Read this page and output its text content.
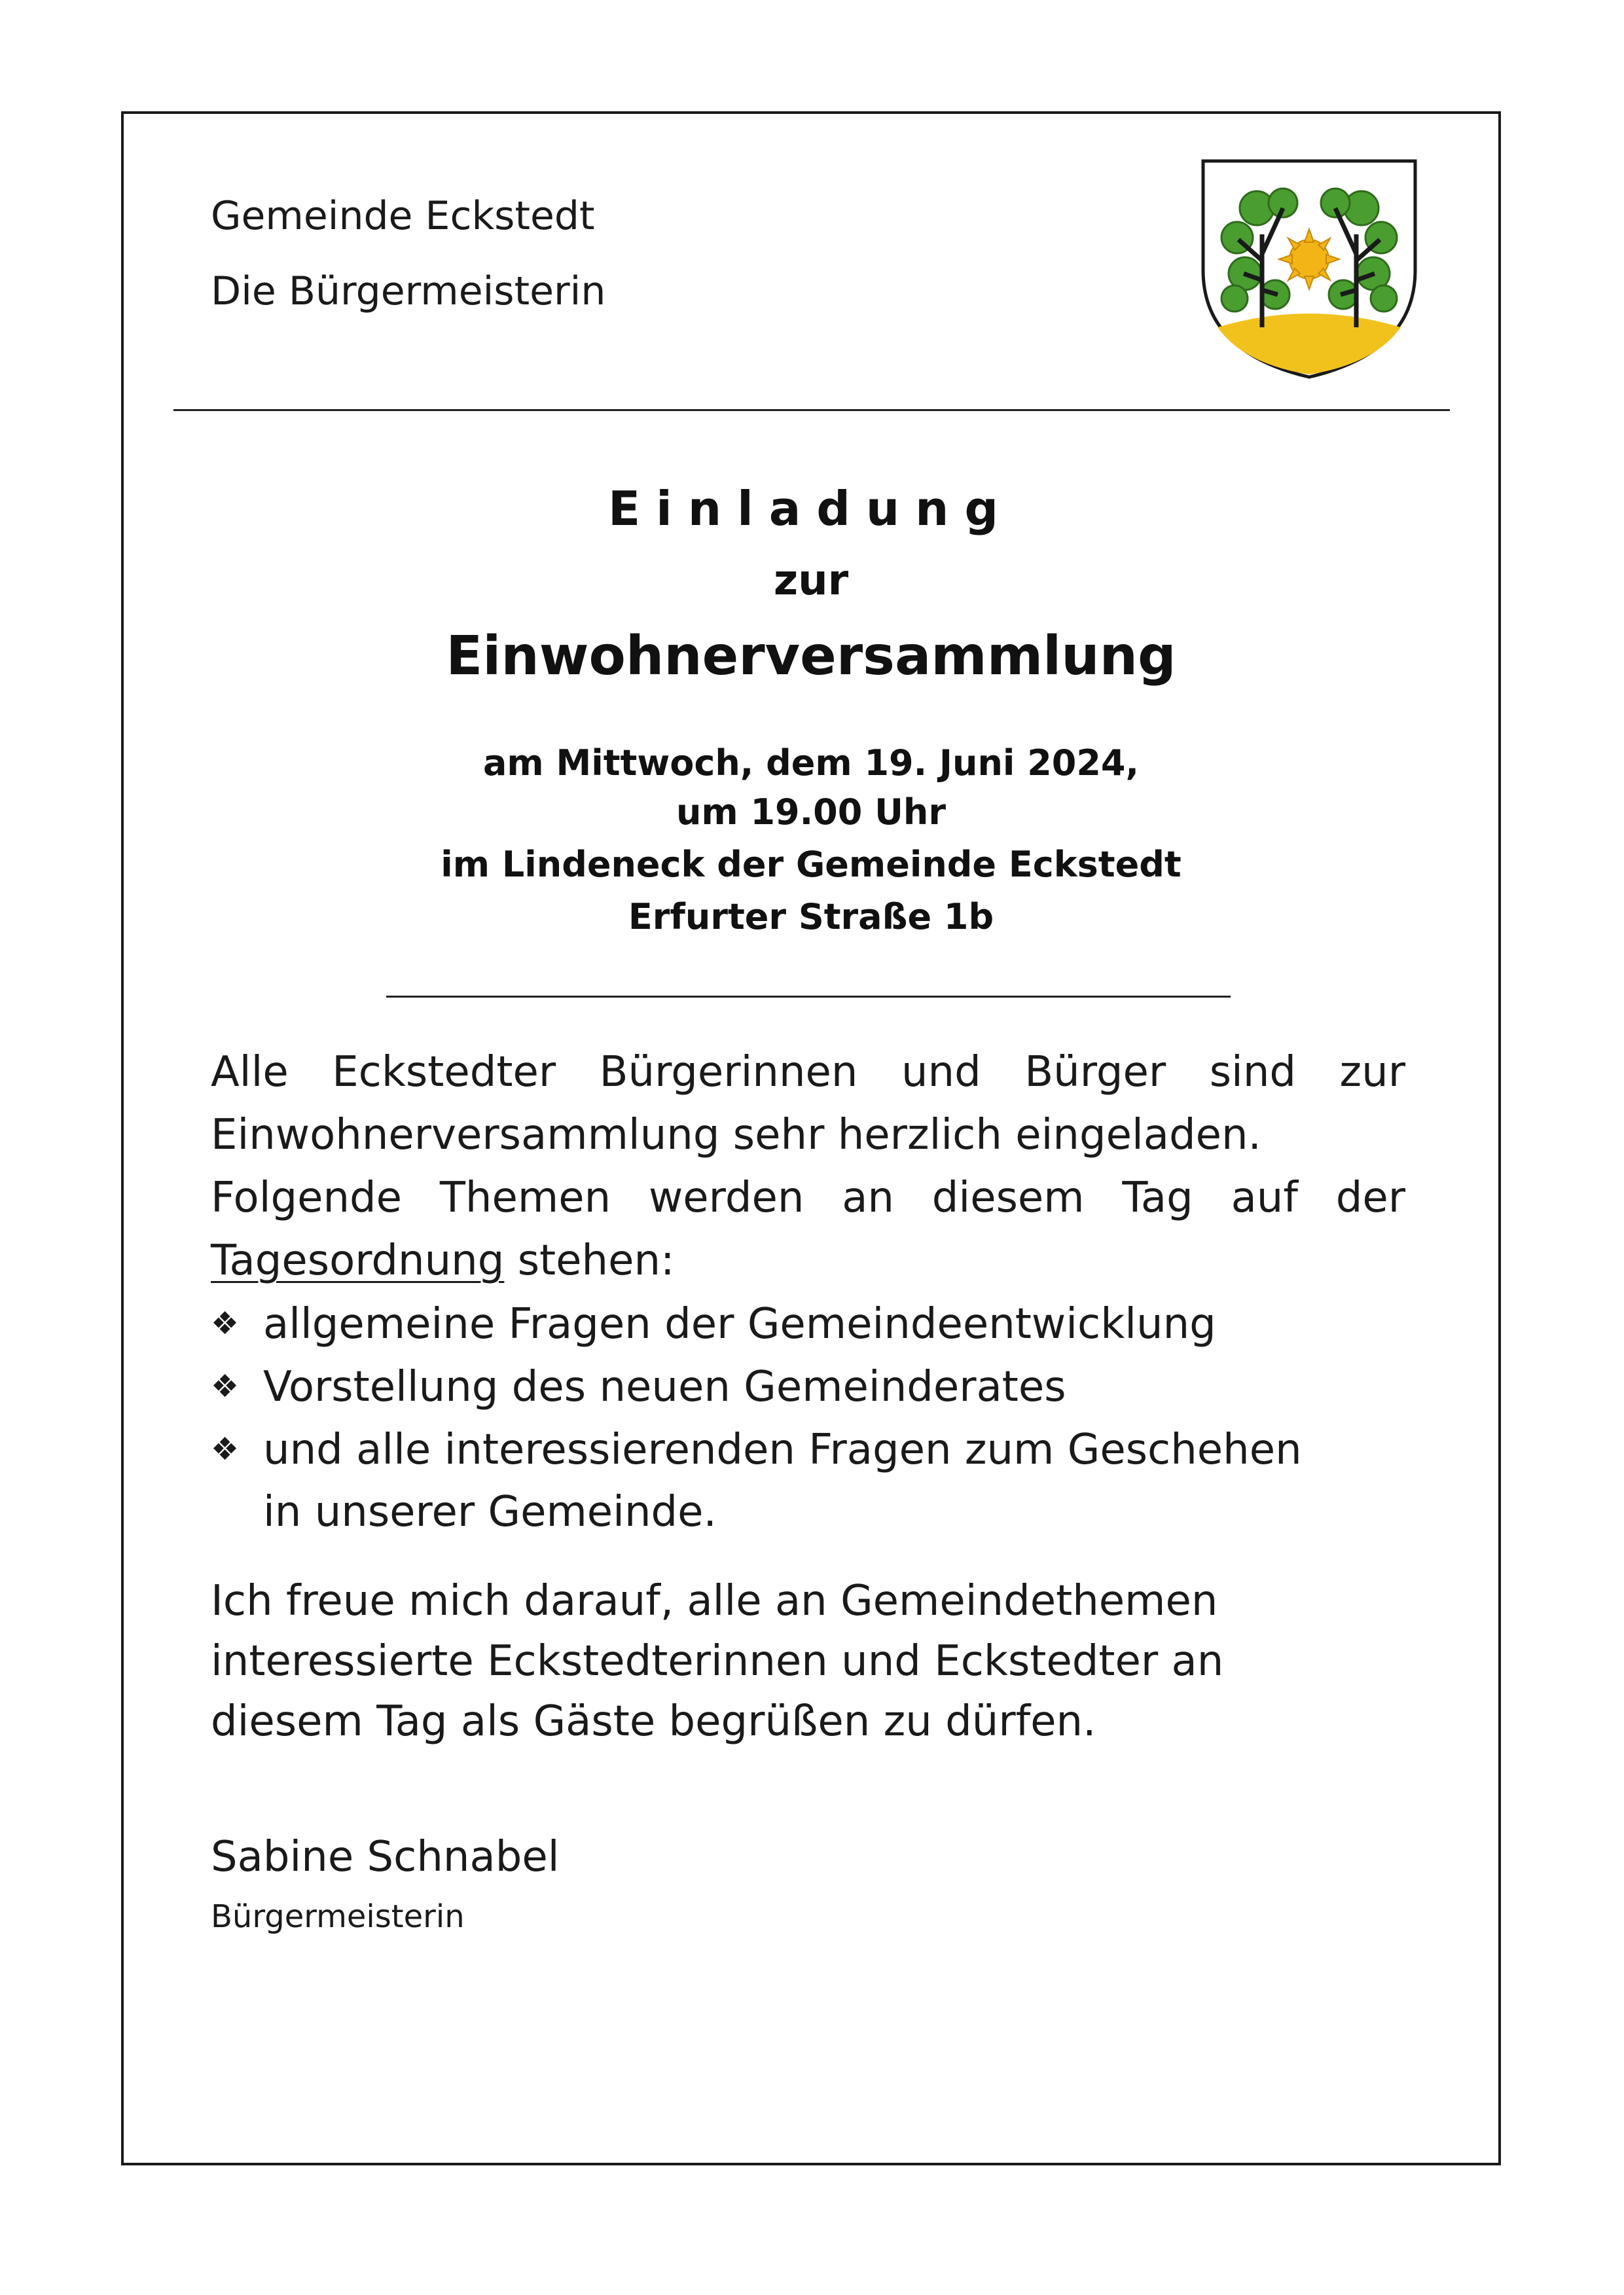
Gemeinde Eckstedt
Die Bürgermeisterin
Einladung
zur
Einwohnerversammlung
am Mittwoch, dem 19. Juni 2024,
um 19.00 Uhr
im Lindeneck der Gemeinde Eckstedt
Erfurter Straße 1b
Alle Eckstedter Bürgerinnen und Bürger sind zur
Einwohnerversammlung sehr herzlich eingeladen.
Folgende Themen werden an diesem Tag auf der
Tagesordnung stehen:
❖ allgemeine Fragen der Gemeindeentwicklung
❖ Vorstellung des neuen Gemeinderates
❖ und alle interessierenden Fragen zum Geschehen
in unserer Gemeinde.
Ich freue mich darauf, alle an Gemeindethemen
interessierte Eckstedterinnen und Eckstedter an
diesem Tag als Gäste begrüßen zu dürfen.
Sabine Schnabel
Bürgermeisterin
